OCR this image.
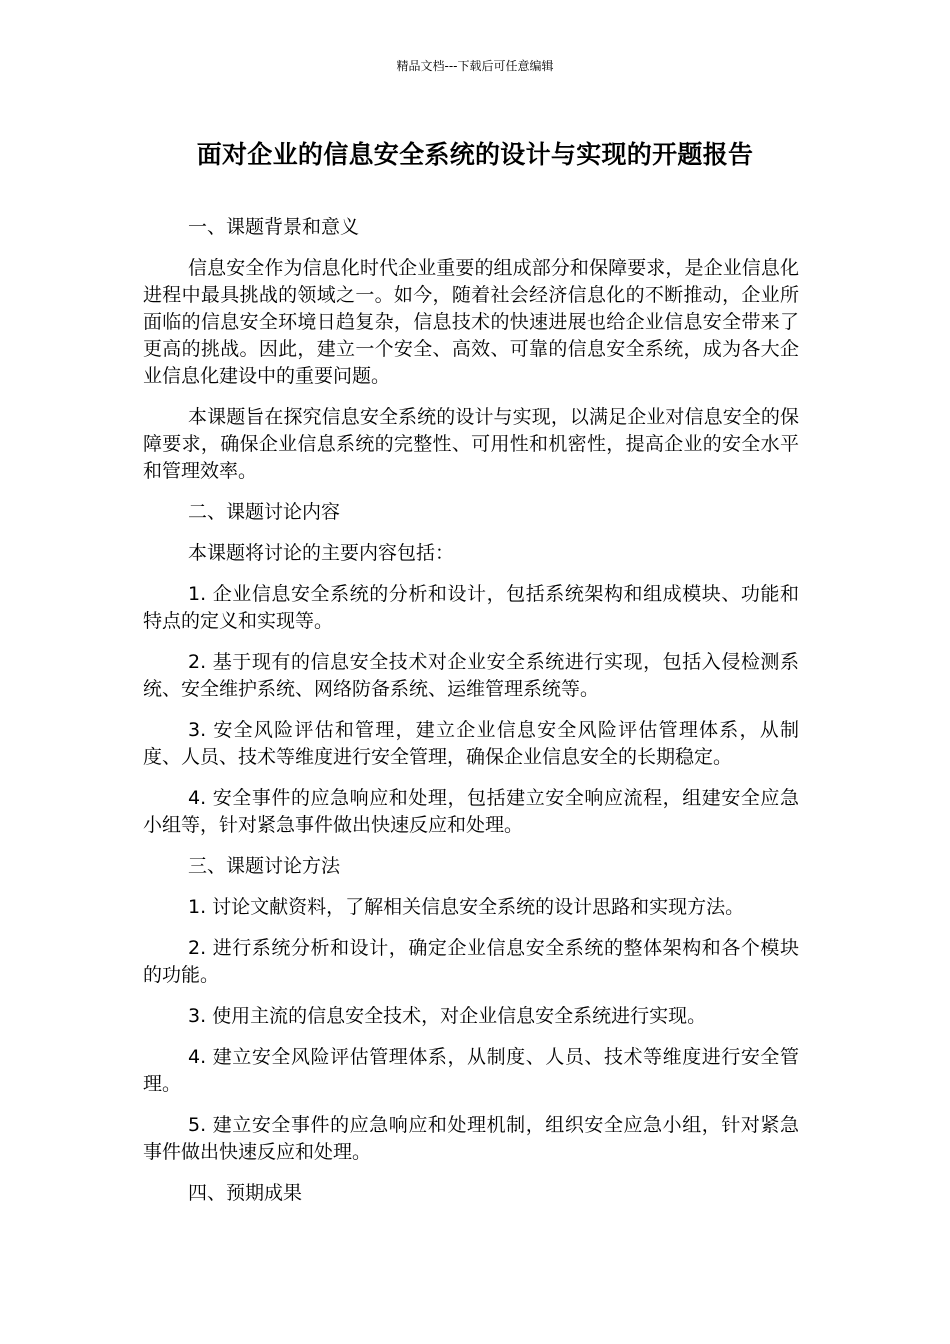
精品文档---下载后可任意编辑
面对企业的信息安全系统的设计与实现的开题报告

一、课题背景和意义

信息安全作为信息化时代企业重要的组成部分和保障要求，是企业信息化进程中最具挑战的领域之一。如今，随着社会经济信息化的不断推动，企业所面临的信息安全环境日趋复杂，信息技术的快速进展也给企业信息安全带来了更高的挑战。因此，建立一个安全、高效、可靠的信息安全系统，成为各大企业信息化建设中的重要问题。

本课题旨在探究信息安全系统的设计与实现，以满足企业对信息安全的保障要求，确保企业信息系统的完整性、可用性和机密性，提高企业的安全水平和管理效率。

二、课题讨论内容

本课题将讨论的主要内容包括：

1. 企业信息安全系统的分析和设计，包括系统架构和组成模块、功能和特点的定义和实现等。

2. 基于现有的信息安全技术对企业安全系统进行实现，包括入侵检测系统、安全维护系统、网络防备系统、运维管理系统等。

3. 安全风险评估和管理，建立企业信息安全风险评估管理体系，从制度、人员、技术等维度进行安全管理，确保企业信息安全的长期稳定。

4. 安全事件的应急响应和处理，包括建立安全响应流程，组建安全应急小组等，针对紧急事件做出快速反应和处理。

三、课题讨论方法

1. 讨论文献资料，了解相关信息安全系统的设计思路和实现方法。

2. 进行系统分析和设计，确定企业信息安全系统的整体架构和各个模块的功能。

3. 使用主流的信息安全技术，对企业信息安全系统进行实现。

4. 建立安全风险评估管理体系，从制度、人员、技术等维度进行安全管理。

5. 建立安全事件的应急响应和处理机制，组织安全应急小组，针对紧急事件做出快速反应和处理。

四、预期成果
